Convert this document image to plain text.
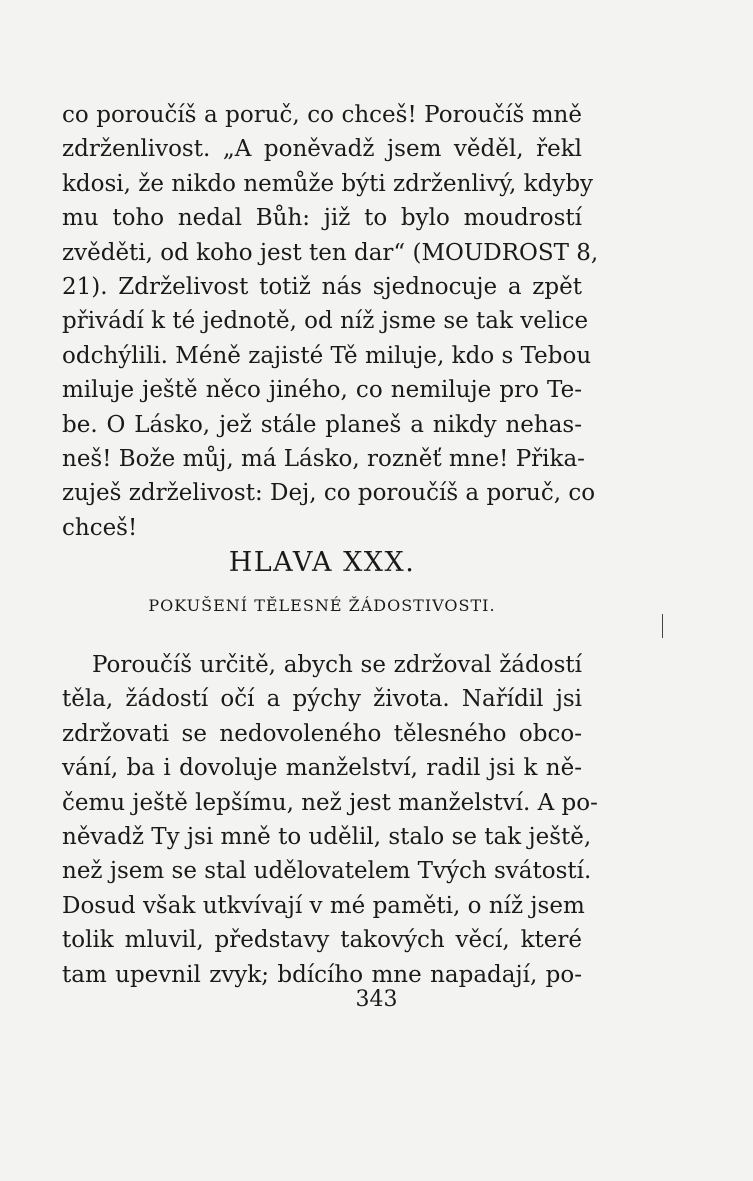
co poroučíš a poruč, co chceš! Poroučíš mně
zdrženlivost. „A poněvadž jsem věděl, řekl
kdosi, že nikdo nemůže býti zdrženlivý, kdyby
mu toho nedal Bůh: již to bylo moudrostí
zvěděti, od koho jest ten dar“ (MOUDROST 8,
21). Zdrželivost totiž nás sjednocuje a zpět
přivádí k té jednotě, od níž jsme se tak velice
odchýlili. Méně zajisté Tě miluje, kdo s Tebou
miluje ještě něco jiného, co nemiluje pro Te-
be. O Lásko, jež stále planeš a nikdy nehas-
neš! Bože můj, má Lásko, rozněť mne! Přika-
zuješ zdrželivost: Dej, co poroučíš a poruč, co
chceš!
HLAVA XXX.
POKUŠENÍ TĚLESNÉ ŽÁDOSTIVOSTI.
Poroučíš určitě, abych se zdržoval žádostí
těla, žádostí očí a pýchy života. Nařídil jsi
zdržovati se nedovoleného tělesného obco-
vání, ba i dovoluje manželství, radil jsi k ně-
čemu ještě lepšímu, než jest manželství. A po-
něvadž Ty jsi mně to udělil, stalo se tak ještě,
než jsem se stal udělovatelem Tvých svátostí.
Dosud však utkvívají v mé paměti, o níž jsem
tolik mluvil, představy takových věcí, které
tam upevnil zvyk; bdícího mne napadají, po-
343
